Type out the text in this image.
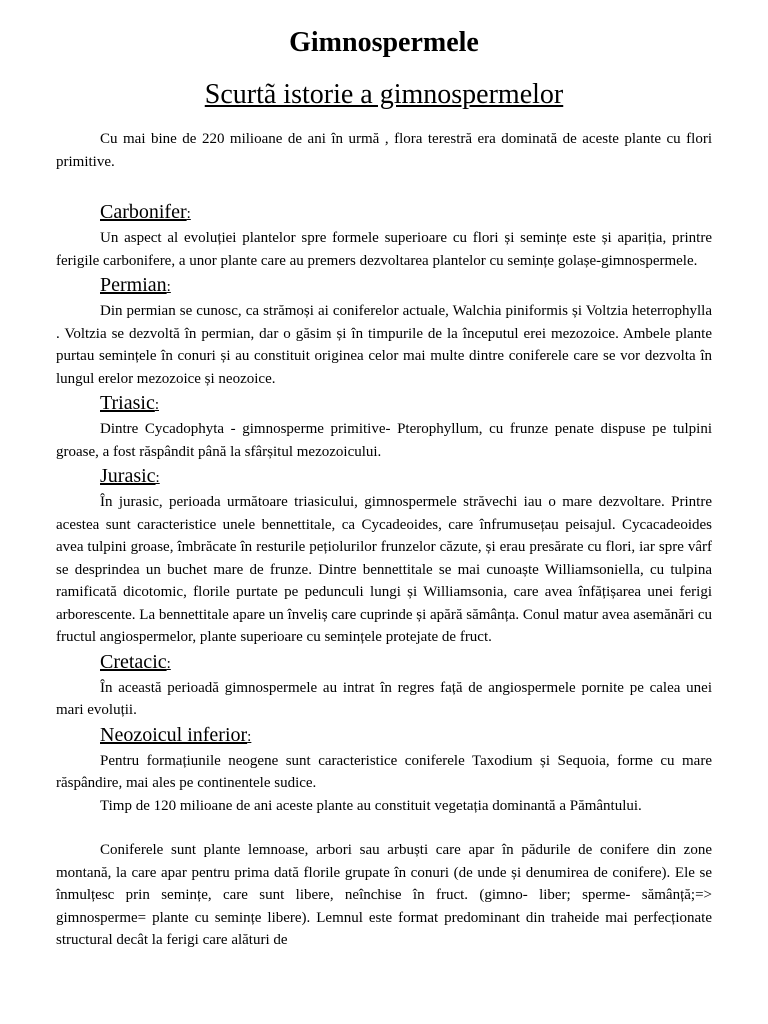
Gimnospermele
Scurtã istorie a gimnospermelor

Cu mai bine de 220 milioane de ani în urmă , flora terestră era dominată de aceste plante cu flori primitive.

Carbonifer:

Un aspect al evoluției plantelor spre formele superioare cu flori și semințe este și apariția, printre ferigile carbonifere, a unor plante care au premers dezvoltarea plantelor cu semințe golașe-gimnospermele.

Permian:

Din permian se cunosc, ca strămoși ai coniferelor actuale, Walchia piniformis și Voltzia heterrophylla . Voltzia se dezvoltă în permian, dar o găsim și în timpurile de la începutul erei mezozoice. Ambele plante purtau semințele în conuri și au constituit originea celor mai multe dintre coniferele care se vor dezvolta în lungul erelor mezozoice și neozoice.

Triasic:

Dintre Cycadophyta - gimnosperme primitive- Pterophyllum, cu frunze penate dispuse pe tulpini groase, a fost răspândit până la sfârșitul mezozoicului.

Jurasic:

În jurasic, perioada următoare triasicului, gimnospermele străvechi iau o mare dezvoltare. Printre acestea sunt caracteristice unele bennettitale, ca Cycadeoides, care înfrumusețau peisajul. Cycacadeoides avea tulpini groase, îmbrăcate în resturile pețiolurilor frunzelor căzute, și erau presărate cu flori, iar spre vârf se desprindea un buchet mare de frunze. Dintre bennettitale se mai cunoaște Williamsoniella, cu tulpina ramificată dicotomic, florile purtate pe pedunculi lungi și Williamsonia, care avea înfățișarea unei ferigi arborescente. La bennettitale apare un înveliș care cuprinde și apără sămânța. Conul matur avea asemănări cu fructul angiospermelor, plante superioare cu semințele protejate de fruct.

Cretacic:

În această perioadă gimnospermele au intrat în regres față de angiospermele pornite pe calea unei mari evoluții.

Neozoicul inferior:

Pentru formațiunile neogene sunt caracteristice coniferele Taxodium și Sequoia, forme cu mare răspândire, mai ales pe continentele sudice.

Timp de 120 milioane de ani aceste plante au constituit vegetația dominantă a Pământului.

Coniferele sunt plante lemnoase, arbori sau arbuști care apar în pădurile de conifere din zone montană, la care apar pentru prima dată florile grupate în conuri (de unde și denumirea de conifere). Ele se înmulțesc prin semințe, care sunt libere, neînchise în fruct. (gimno- liber; sperme- sămânță;=> gimnosperme= plante cu semințe libere). Lemnul este format predominant din traheide mai perfecționate structural decât la ferigi care alături de
